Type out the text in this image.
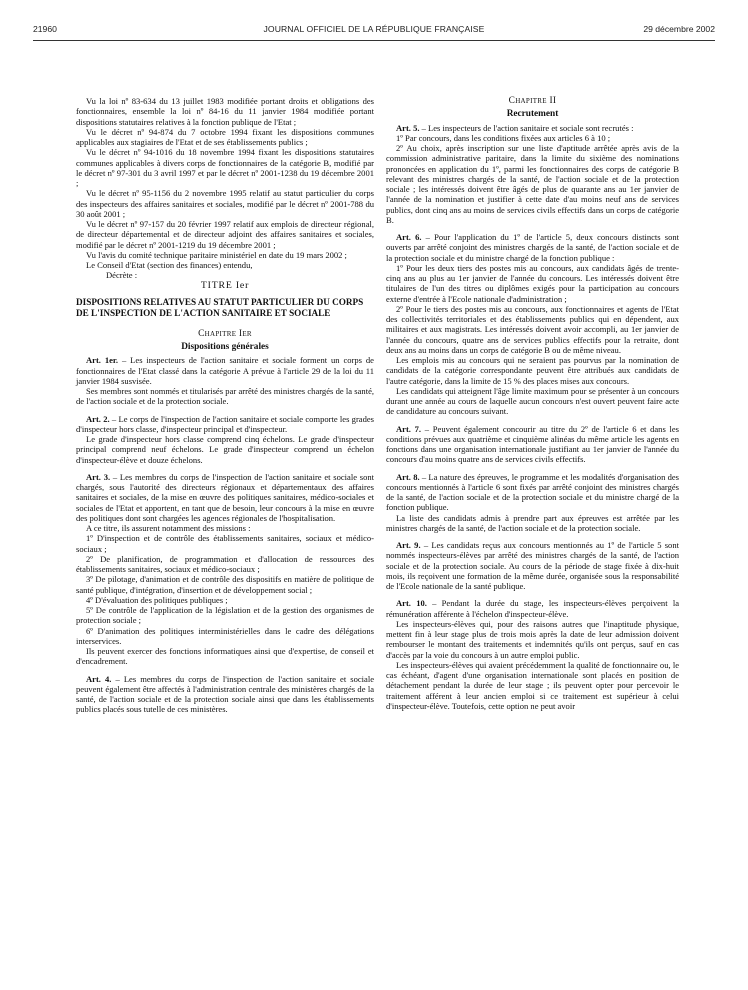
21960	JOURNAL OFFICIEL DE LA RÉPUBLIQUE FRANÇAISE	29 décembre 2002

Vu la loi nº 83-634 du 13 juillet 1983 modifiée portant droits et obligations des fonctionnaires, ensemble la loi nº 84-16 du 11 janvier 1984 modifiée portant dispositions statutaires relatives à la fonction publique de l'Etat ;

Vu le décret nº 94-874 du 7 octobre 1994 fixant les dispositions communes applicables aux stagiaires de l'Etat et de ses établissements publics ;

Vu le décret nº 94-1016 du 18 novembre 1994 fixant les dispositions statutaires communes applicables à divers corps de fonctionnaires de la catégorie B, modifié par le décret nº 97-301 du 3 avril 1997 et par le décret nº 2001-1238 du 19 décembre 2001 ;

Vu le décret nº 95-1156 du 2 novembre 1995 relatif au statut particulier du corps des inspecteurs des affaires sanitaires et sociales, modifié par le décret nº 2001-788 du 30 août 2001 ;

Vu le décret nº 97-157 du 20 février 1997 relatif aux emplois de directeur régional, de directeur départemental et de directeur adjoint des affaires sanitaires et sociales, modifié par le décret nº 2001-1219 du 19 décembre 2001 ;

Vu l'avis du comité technique paritaire ministériel en date du 19 mars 2002 ;

Le Conseil d'Etat (section des finances) entendu,

Décrète :

TITRE Ier

DISPOSITIONS RELATIVES AU STATUT PARTICULIER DU CORPS DE L'INSPECTION DE L'ACTION SANITAIRE ET SOCIALE

Chapitre Ier

Dispositions générales

Art. 1er. – Les inspecteurs de l'action sanitaire et sociale forment un corps de fonctionnaires de l'Etat classé dans la catégorie A prévue à l'article 29 de la loi du 11 janvier 1984 susvisée.

Ses membres sont nommés et titularisés par arrêté des ministres chargés de la santé, de l'action sociale et de la protection sociale.

Art. 2. – Le corps de l'inspection de l'action sanitaire et sociale comporte les grades d'inspecteur hors classe, d'inspecteur principal et d'inspecteur.

Le grade d'inspecteur hors classe comprend cinq échelons. Le grade d'inspecteur principal comprend neuf échelons. Le grade d'inspecteur comprend un échelon d'inspecteur-élève et douze échelons.

Art. 3. – Les membres du corps de l'inspection de l'action sanitaire et sociale sont chargés, sous l'autorité des directeurs régionaux et départementaux des affaires sanitaires et sociales, de la mise en œuvre des politiques sanitaires, médico-sociales et sociales de l'Etat et apportent, en tant que de besoin, leur concours à la mise en œuvre des politiques dont sont chargées les agences régionales de l'hospitalisation.

A ce titre, ils assurent notamment des missions :

1º D'inspection et de contrôle des établissements sanitaires, sociaux et médico-sociaux ;

2º De planification, de programmation et d'allocation de ressources des établissements sanitaires, sociaux et médico-sociaux ;

3º De pilotage, d'animation et de contrôle des dispositifs en matière de politique de santé publique, d'intégration, d'insertion et de développement social ;

4º D'évaluation des politiques publiques ;

5º De contrôle de l'application de la législation et de la gestion des organismes de protection sociale ;

6º D'animation des politiques interministérielles dans le cadre des délégations interservices.

Ils peuvent exercer des fonctions informatiques ainsi que d'expertise, de conseil et d'encadrement.

Art. 4. – Les membres du corps de l'inspection de l'action sanitaire et sociale peuvent également être affectés à l'administration centrale des ministères chargés de la santé, de l'action sociale et de la protection sociale ainsi que dans les établissements publics placés sous tutelle de ces ministères.

Chapitre II

Recrutement

Art. 5. – Les inspecteurs de l'action sanitaire et sociale sont recrutés :

1º Par concours, dans les conditions fixées aux articles 6 à 10 ;

2º Au choix, après inscription sur une liste d'aptitude arrêtée après avis de la commission administrative paritaire, dans la limite du sixième des nominations prononcées en application du 1º, parmi les fonctionnaires des corps de catégorie B relevant des ministres chargés de la santé, de l'action sociale et de la protection sociale ; les intéressés doivent être âgés de plus de quarante ans au 1er janvier de l'année de la nomination et justifier à cette date d'au moins neuf ans de services publics, dont cinq ans au moins de services civils effectifs dans un corps de catégorie B.

Art. 6. – Pour l'application du 1º de l'article 5, deux concours distincts sont ouverts par arrêté conjoint des ministres chargés de la santé, de l'action sociale et de la protection sociale et du ministre chargé de la fonction publique :

1º Pour les deux tiers des postes mis au concours, aux candidats âgés de trente-cinq ans au plus au 1er janvier de l'année du concours. Les intéressés doivent être titulaires de l'un des titres ou diplômes exigés pour la participation au concours externe d'entrée à l'Ecole nationale d'administration ;

2º Pour le tiers des postes mis au concours, aux fonctionnaires et agents de l'Etat des collectivités territoriales et des établissements publics qui en dépendent, aux militaires et aux magistrats. Les intéressés doivent avoir accompli, au 1er janvier de l'année du concours, quatre ans de services publics effectifs pour la retraite, dont deux ans au moins dans un corps de catégorie B ou de même niveau.

Les emplois mis au concours qui ne seraient pas pourvus par la nomination de candidats de la catégorie correspondante peuvent être attribués aux candidats de l'autre catégorie, dans la limite de 15 % des places mises aux concours.

Les candidats qui atteignent l'âge limite maximum pour se présenter à un concours durant une année au cours de laquelle aucun concours n'est ouvert peuvent faire acte de candidature au concours suivant.

Art. 7. – Peuvent également concourir au titre du 2º de l'article 6 et dans les conditions prévues aux quatrième et cinquième alinéas du même article les agents en fonctions dans une organisation internationale justifiant au 1er janvier de l'année du concours d'au moins quatre ans de services civils effectifs.

Art. 8. – La nature des épreuves, le programme et les modalités d'organisation des concours mentionnés à l'article 6 sont fixés par arrêté conjoint des ministres chargés de la santé, de l'action sociale et de la protection sociale et du ministre chargé de la fonction publique.

La liste des candidats admis à prendre part aux épreuves est arrêtée par les ministres chargés de la santé, de l'action sociale et de la protection sociale.

Art. 9. – Les candidats reçus aux concours mentionnés au 1º de l'article 5 sont nommés inspecteurs-élèves par arrêté des ministres chargés de la santé, de l'action sociale et de la protection sociale. Au cours de la période de stage fixée à dix-huit mois, ils reçoivent une formation de la même durée, organisée sous la responsabilité de l'Ecole nationale de la santé publique.

Art. 10. – Pendant la durée du stage, les inspecteurs-élèves perçoivent la rémunération afférente à l'échelon d'inspecteur-élève.

Les inspecteurs-élèves qui, pour des raisons autres que l'inaptitude physique, mettent fin à leur stage plus de trois mois après la date de leur admission doivent rembourser le montant des traitements et indemnités qu'ils ont perçus, sauf en cas d'accès par la voie du concours à un autre emploi public.

Les inspecteurs-élèves qui avaient précédemment la qualité de fonctionnaire ou, le cas échéant, d'agent d'une organisation internationale sont placés en position de détachement pendant la durée de leur stage ; ils peuvent opter pour percevoir le traitement afférent à leur ancien emploi si ce traitement est supérieur à celui d'inspecteur-élève. Toutefois, cette option ne peut avoir
